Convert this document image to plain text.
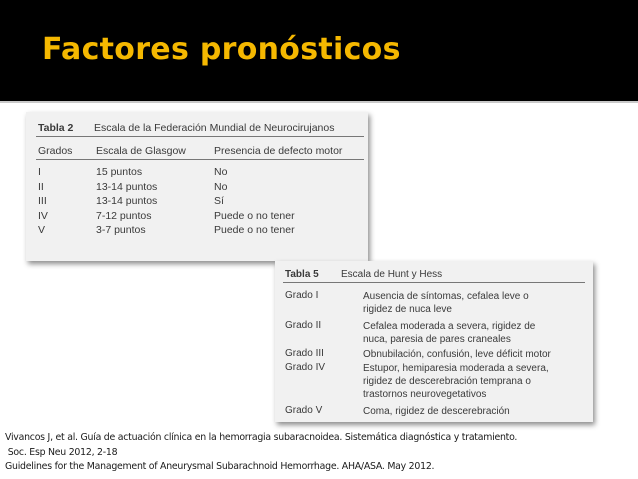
Factores pronósticos
Tabla 2 Escala de la Federación Mundial de Neurocirujanos
Grados Escala de Glasgow	Presencia de defecto motor
I	15 puntos	No
II	13-14 puntos	No
III	13-14 puntos	Sí
IV	7-12 puntos	Puede o no tener
V	3-7 puntos	Puede o no tener
Tabla 5 Escala de Hunt y Hess
Grado I	Ausencia de síntomas, cefalea leve o
rigidez de nuca leve
Grado II	Cefalea moderada a severa, rigidez de
nuca, paresia de pares craneales
Grado III	Obnubilación, confusión, leve déficit motor
Grado IV	Estupor, hemiparesia moderada a severa,
rigidez de descerebración temprana o
trastornos neurovegetativos
Grado V	Coma, rigidez de descerebración
Vivancos J, et al. Guía de actuación clínica en la hemorragia subaracnoidea. Sistemática diagnóstica y tratamiento.
Soc. Esp Neu 2012, 2-18
Guidelines for the Management of Aneurysmal Subarachnoid Hemorrhage. AHA/ASA. May 2012.
